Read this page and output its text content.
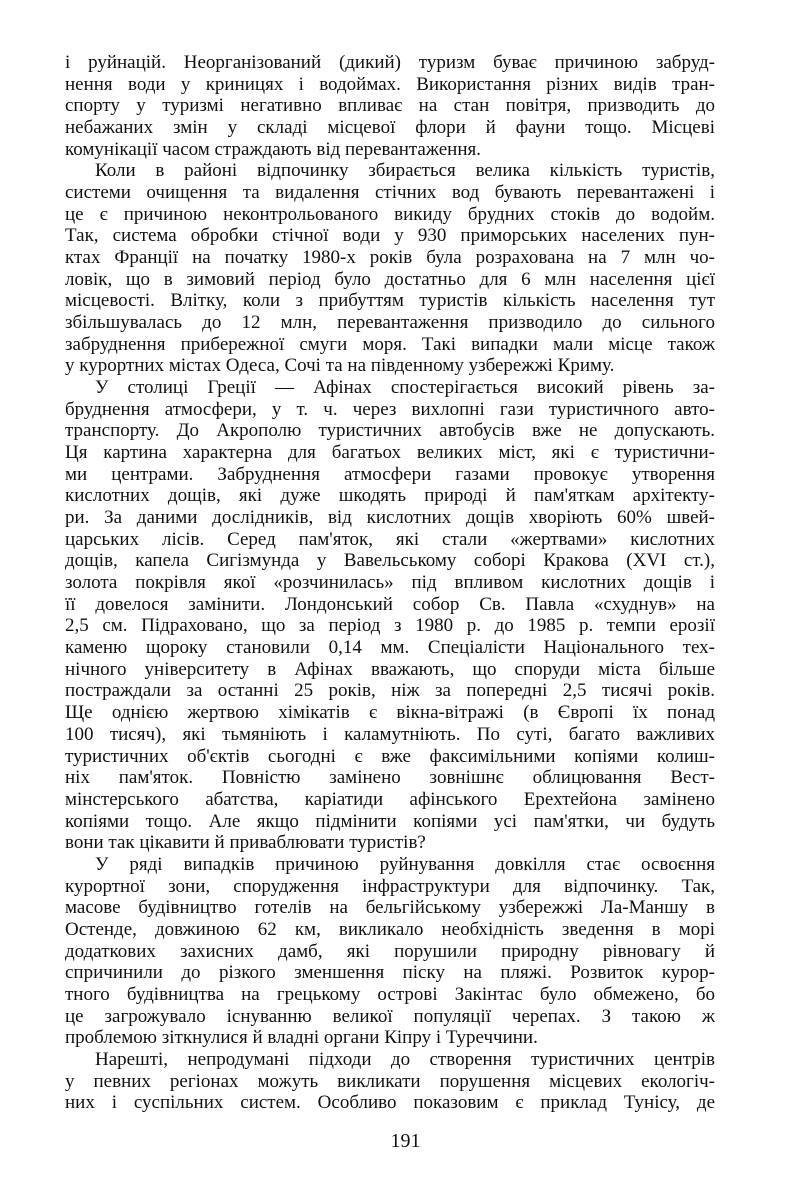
і руйнацій. Неорганізований (дикий) туризм буває причиною забруд-
нення води у криницях і водоймах. Використання різних видів тран-
спорту у туризмі негативно впливає на стан повітря, призводить до
небажаних змін у складі місцевої флори й фауни тощо. Місцеві
комунікації часом страждають від перевантаження.
Коли в районі відпочинку збирається велика кількість туристів,
системи очищення та видалення стічних вод бувають перевантажені і
це є причиною неконтрольованого викиду брудних стоків до водойм.
Так, система обробки стічної води у 930 приморських населених пун-
ктах Франції на початку 1980-х років була розрахована на 7 млн чо-
ловік, що в зимовий період було достатньо для 6 млн населення цієї
місцевості. Влітку, коли з прибуттям туристів кількість населення тут
збільшувалась до 12 млн, перевантаження призводило до сильного
забруднення прибережної смуги моря. Такі випадки мали місце також
у курортних містах Одеса, Сочі та на південному узбережжі Криму.
У столиці Греції — Афінах спостерігається високий рівень за-
бруднення атмосфери, у т. ч. через вихлопні гази туристичного авто-
транспорту. До Акрополю туристичних автобусів вже не допускають.
Ця картина характерна для багатьох великих міст, які є туристични-
ми центрами. Забруднення атмосфери газами провокує утворення
кислотних дощів, які дуже шкодять природі й пам'яткам архітекту-
ри. За даними дослідників, від кислотних дощів хворіють 60% швей-
царських лісів. Серед пам'яток, які стали «жертвами» кислотних
дощів, капела Сигізмунда у Вавельському соборі Кракова (XVI ст.),
золота покрівля якої «розчинилась» під впливом кислотних дощів і
її довелося замінити. Лондонський собор Св. Павла «схуднув» на
2,5 см. Підраховано, що за період з 1980 р. до 1985 р. темпи ерозії
каменю щороку становили 0,14 мм. Спеціалісти Національного тех-
нічного університету в Афінах вважають, що споруди міста більше
постраждали за останні 25 років, ніж за попередні 2,5 тисячі років.
Ще однією жертвою хімікатів є вікна-вітражі (в Європі їх понад
100 тисяч), які тьмяніють і каламутніють. По суті, багато важливих
туристичних об'єктів сьогодні є вже факсимільними копіями колиш-
ніх пам'яток. Повністю замінено зовнішнє облицювання Вест-
мінстерського абатства, каріатиди афінського Ерехтейона замінено
копіями тощо. Але якщо підмінити копіями усі пам'ятки, чи будуть
вони так цікавити й приваблювати туристів?
У ряді випадків причиною руйнування довкілля стає освоєння
курортної зони, спорудження інфраструктури для відпочинку. Так,
масове будівництво готелів на бельгійському узбережжі Ла-Маншу в
Остенде, довжиною 62 км, викликало необхідність зведення в морі
додаткових захисних дамб, які порушили природну рівновагу й
спричинили до різкого зменшення піску на пляжі. Розвиток курор-
тного будівництва на грецькому острові Закінтас було обмежено, бо
це загрожувало існуванню великої популяції черепах. З такою ж
проблемою зіткнулися й владні органи Кіпру і Туреччини.
Нарешті, непродумані підходи до створення туристичних центрів
у певних регіонах можуть викликати порушення місцевих екологіч-
них і суспільних систем. Особливо показовим є приклад Тунісу, де
191
